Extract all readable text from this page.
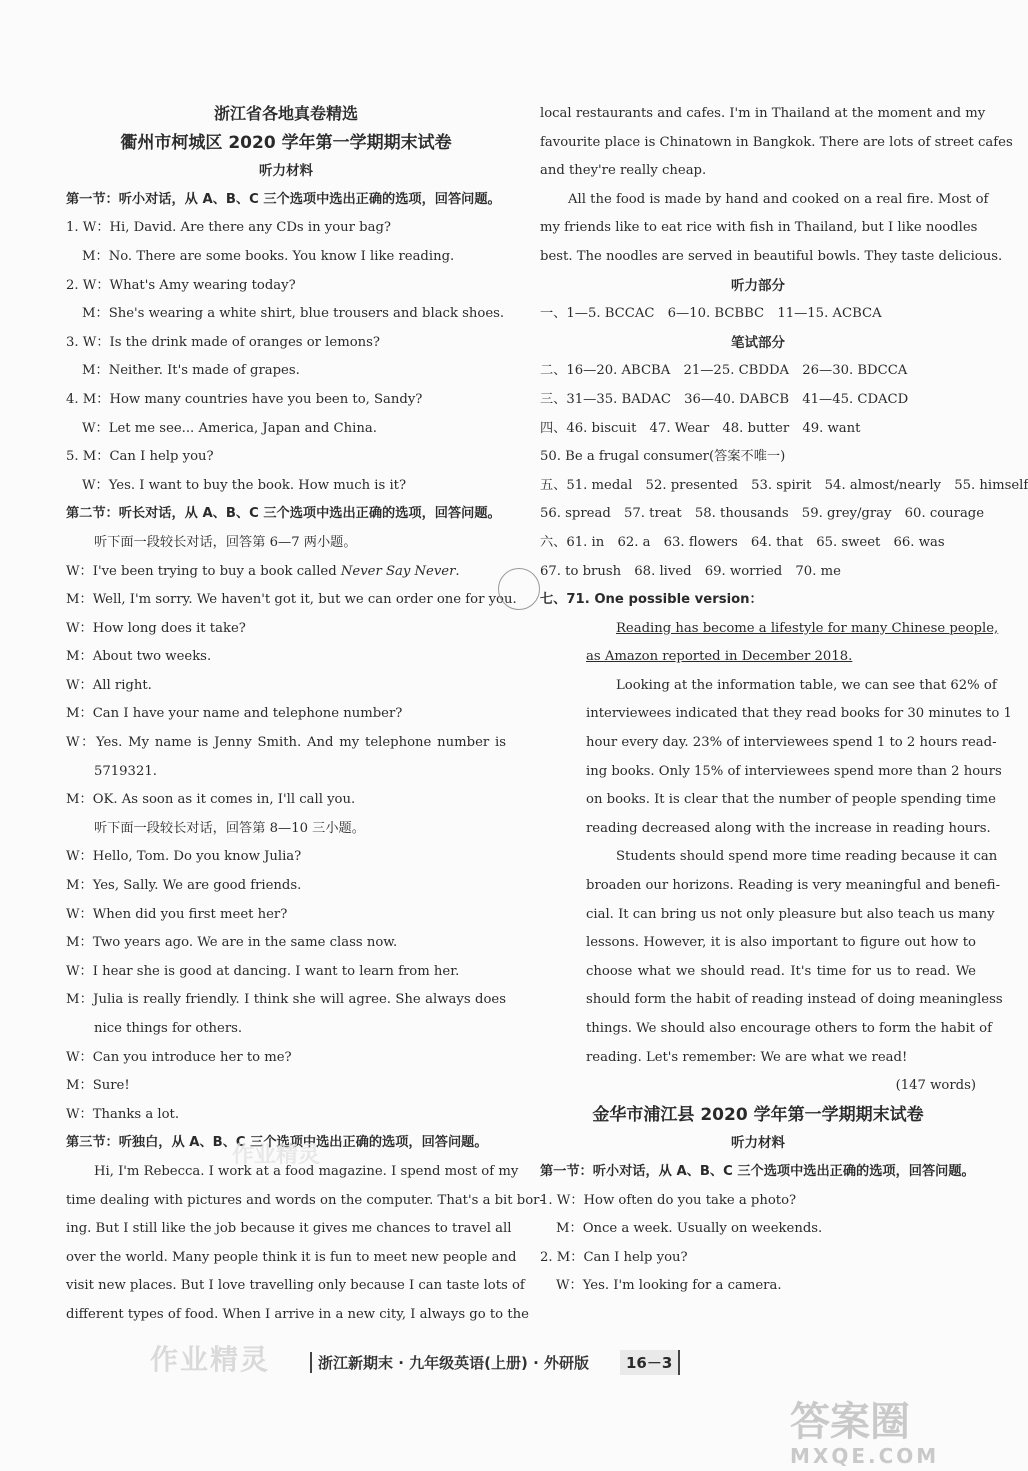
浙江省各地真卷精选
衢州市柯城区 2020 学年第一学期期末试卷
听力材料
第一节：听小对话，从 A、B、C 三个选项中选出正确的选项，回答问题。
1. W：Hi, David. Are there any CDs in your bag?
M：No. There are some books. You know I like reading.
2. W：What's Amy wearing today?
M：She's wearing a white shirt, blue trousers and black shoes.
3. W：Is the drink made of oranges or lemons?
M：Neither. It's made of grapes.
4. M：How many countries have you been to, Sandy?
W：Let me see... America, Japan and China.
5. M：Can I help you?
W：Yes. I want to buy the book. How much is it?
第二节：听长对话，从 A、B、C 三个选项中选出正确的选项，回答问题。
听下面一段较长对话，回答第 6—7 两小题。
W：I've been trying to buy a book called Never Say Never.
M：Well, I'm sorry. We haven't got it, but we can order one for you.
W：How long does it take?
M：About two weeks.
W：All right.
M：Can I have your name and telephone number?
W：Yes. My name is Jenny Smith. And my telephone number is
5719321.
M：OK. As soon as it comes in, I'll call you.
听下面一段较长对话，回答第 8—10 三小题。
W：Hello, Tom. Do you know Julia?
M：Yes, Sally. We are good friends.
W：When did you first meet her?
M：Two years ago. We are in the same class now.
W：I hear she is good at dancing. I want to learn from her.
M：Julia is really friendly. I think she will agree. She always does
nice things for others.
W：Can you introduce her to me?
M：Sure!
W：Thanks a lot.
第三节：听独白，从 A、B、C 三个选项中选出正确的选项，回答问题。
Hi, I'm Rebecca. I work at a food magazine. I spend most of my
time dealing with pictures and words on the computer. That's a bit bor-
ing. But I still like the job because it gives me chances to travel all
over the world. Many people think it is fun to meet new people and
visit new places. But I love travelling only because I can taste lots of
different types of food. When I arrive in a new city, I always go to the
local restaurants and cafes. I'm in Thailand at the moment and my
favourite place is Chinatown in Bangkok. There are lots of street cafes
and they're really cheap.
All the food is made by hand and cooked on a real fire. Most of
my friends like to eat rice with fish in Thailand, but I like noodles
best. The noodles are served in beautiful bowls. They taste delicious.
听力部分
一、1—5. BCCAC　6—10. BCBBC　11—15. ACBCA
笔试部分
二、16—20. ABCBA　21—25. CBDDA　26—30. BDCCA
三、31—35. BADAC　36—40. DABCB　41—45. CDACD
四、46. biscuit　47. Wear　48. butter　49. want
50. Be a frugal consumer(答案不唯一)
五、51. medal　52. presented　53. spirit　54. almost/nearly　55. himself
56. spread　57. treat　58. thousands　59. grey/gray　60. courage
六、61. in　62. a　63. flowers　64. that　65. sweet　66. was
67. to brush　68. lived　69. worried　70. me
七、71. One possible version：
Reading has become a lifestyle for many Chinese people,
as Amazon reported in December 2018.
Looking at the information table, we can see that 62% of
interviewees indicated that they read books for 30 minutes to 1
hour every day. 23% of interviewees spend 1 to 2 hours read-
ing books. Only 15% of interviewees spend more than 2 hours
on books. It is clear that the number of people spending time
reading decreased along with the increase in reading hours.
Students should spend more time reading because it can
broaden our horizons. Reading is very meaningful and benefi-
cial. It can bring us not only pleasure but also teach us many
lessons. However, it is also important to figure out how to
choose what we should read. It's time for us to read. We
should form the habit of reading instead of doing meaningless
things. We should also encourage others to form the habit of
reading. Let's remember: We are what we read!
(147 words)
金华市浦江县 2020 学年第一学期期末试卷
听力材料
第一节：听小对话，从 A、B、C 三个选项中选出正确的选项，回答问题。
1. W：How often do you take a photo?
M：Once a week. Usually on weekends.
2. M：Can I help you?
W：Yes. I'm looking for a camera.
作业精灵
作业精灵	浙江新期末 · 九年级英语(上册) · 外研版	16－3
答案圈
MXQE.COM
